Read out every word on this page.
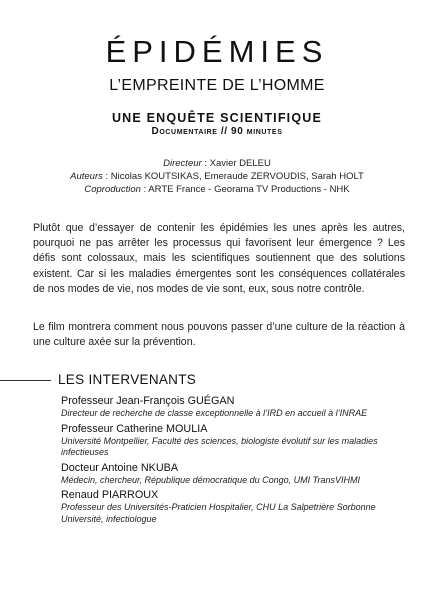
ÉPIDÉMIES
L’EMPREINTE DE L’HOMME
UNE ENQUÊTE SCIENTIFIQUE
Documentaire // 90 minutes
Directeur : Xavier DELEU
Auteurs : Nicolas KOUTSIKAS, Emeraude ZERVOUDIS, Sarah HOLT
Coproduction : ARTE France - Georama TV Productions - NHK

Plutôt que d’essayer de contenir les épidémies les unes après les autres, pourquoi ne pas arrêter les processus qui favorisent leur émergence ? Les défis sont colossaux, mais les scientifiques soutiennent que des solutions existent. Car si les maladies émergentes sont les conséquences collatérales de nos modes de vie, nos modes de vie sont, eux, sous notre contrôle.

Le film montrera comment nous pouvons passer d’une culture de la réaction à une culture axée sur la prévention.

LES INTERVENANTS
Professeur Jean-François GUÉGAN
Directeur de recherche de classe exceptionnelle à l’IRD en accueil à l’INRAE
Professeur Catherine MOULIA
Université Montpellier, Faculté des sciences, biologiste évolutif sur les maladies infectieuses
Docteur Antoine NKUBA
Médecin, chercheur, République démocratique du Congo, UMI TransVIHMI
Renaud PIARROUX
Professeur des Universités-Praticien Hospitalier, CHU La Salpetrière Sorbonne Université, infectiologue
